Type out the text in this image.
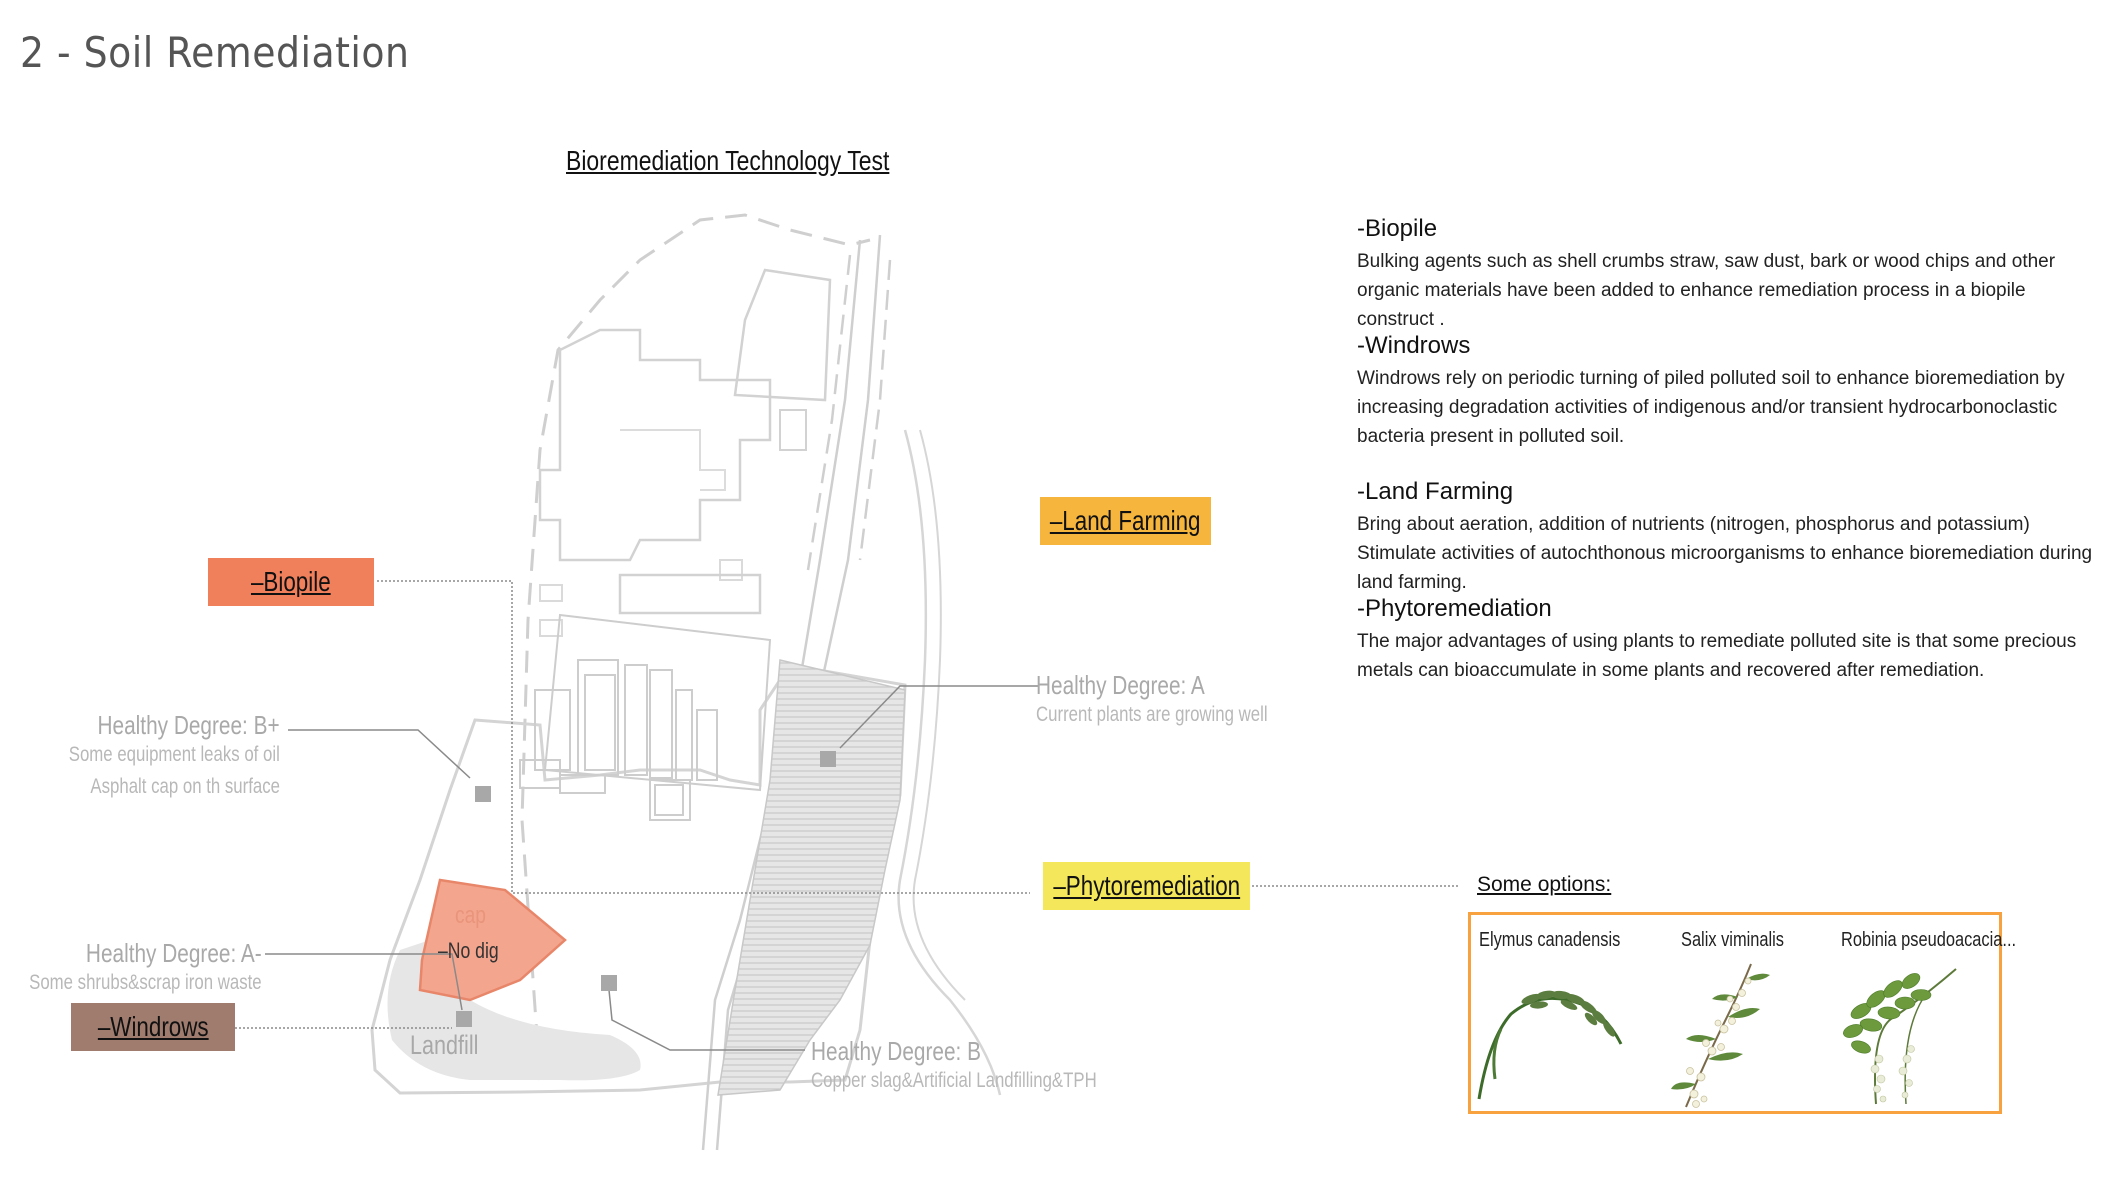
2 - Soil Remediation
Bioremediation Technology Test
cap
–No dig
Landfill
–Biopile
–Land Farming
–Phytoremediation
–Windrows
Healthy Degree: B+
Some equipment leaks of oil
Asphalt cap on th surface
Healthy Degree: A-
Some shrubs&scrap iron waste
Healthy Degree: A
Current plants are growing well
Healthy Degree: B
Copper slag&Artificial Landfilling&TPH
-Biopile
Bulking agents such as shell crumbs straw, saw dust, bark or wood chips and other organic materials have been added to enhance remediation process in a biopile construct .
-Windrows
Windrows rely on periodic turning of piled polluted soil to enhance bioremediation by increasing degradation activities of indigenous and/or transient hydrocarbonoclastic bacteria present in polluted soil.
-Land Farming
Bring about aeration, addition of nutrients (nitrogen, phosphorus and potassium) Stimulate activities of autochthonous microorganisms to enhance bioremediation during land farming.
-Phytoremediation
The major advantages of using plants to remediate polluted site is that some precious metals can bioaccumulate in some plants and recovered after remediation.
Some options:
Elymus canadensis	Salix viminalis	Robinia pseudoacacia...
